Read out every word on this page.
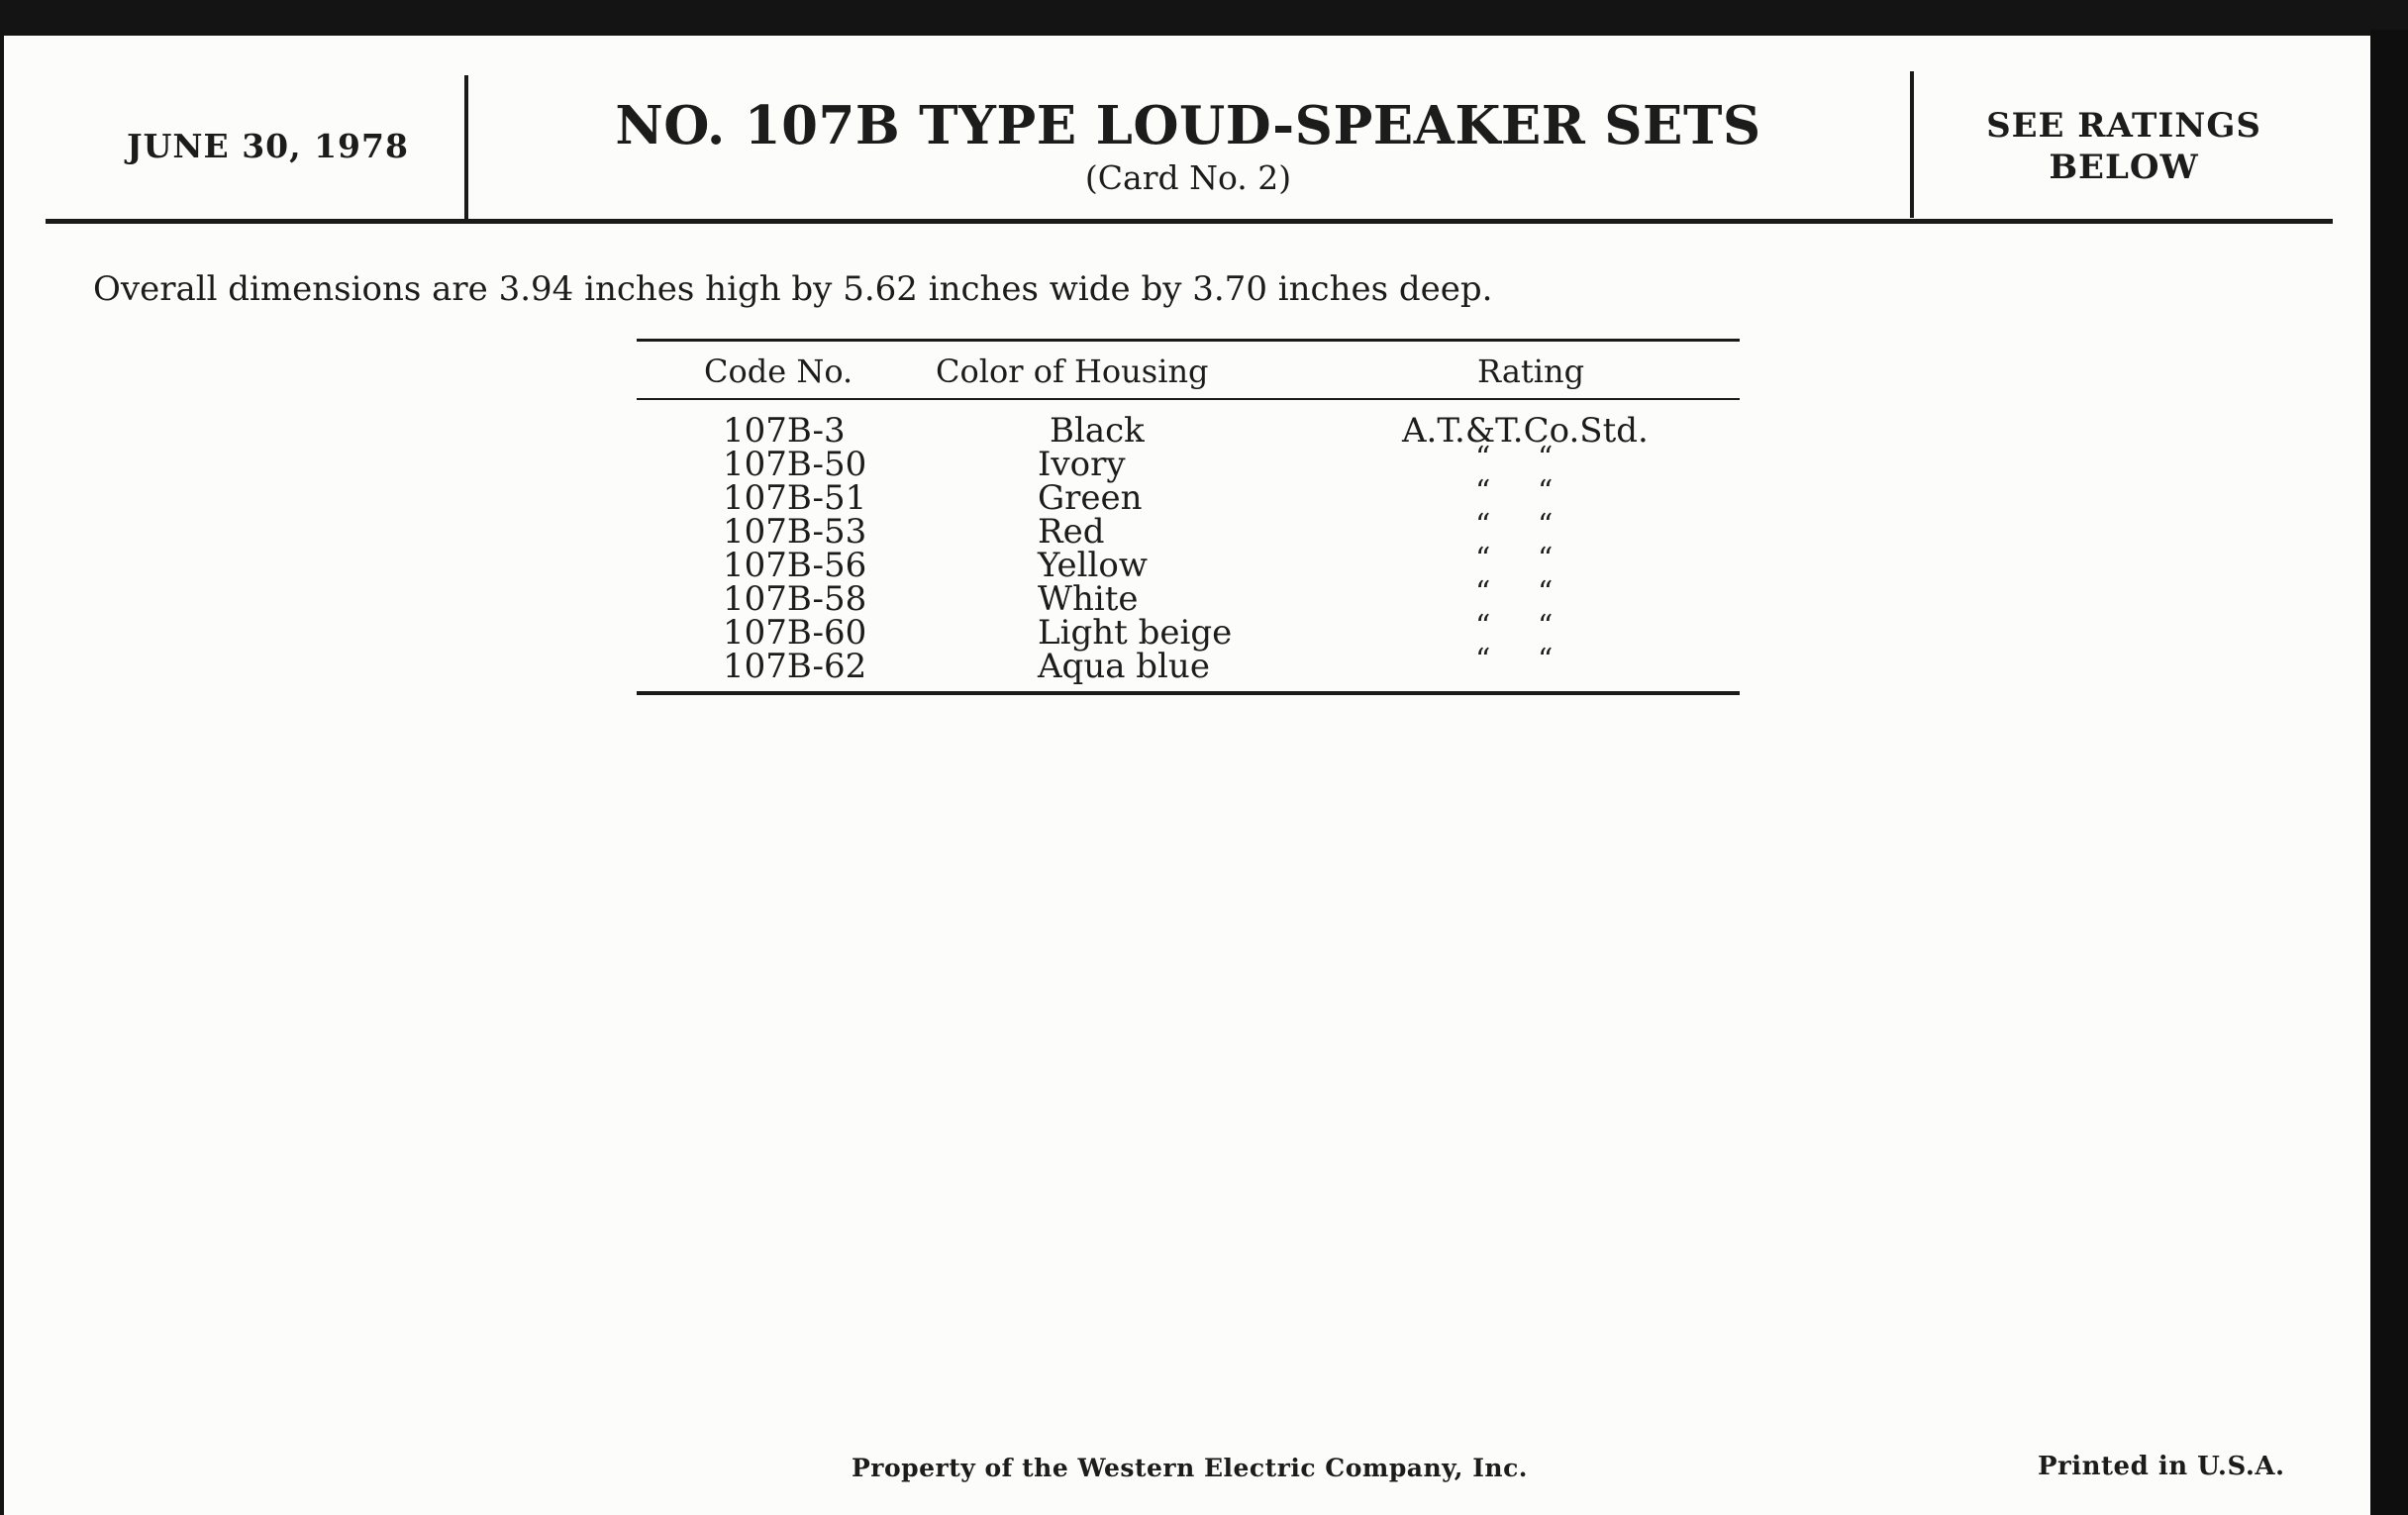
JUNE 30, 1978	NO. 107B TYPE LOUD-SPEAKER SETS
(Card No. 2)
SEE RATINGS
BELOW
Overall dimensions are 3.94 inches high by 5.62 inches wide by 3.70 inches deep.
Code No.	Color of Housing	Rating
107B-3	Black	A.T.&T.Co.Std.
107B-50	Ivory	“     “
107B-51	Green	“     “
107B-53	Red	“     “
107B-56	Yellow	“     “
107B-58	White	“     “
107B-60	Light beige	“     “
107B-62	Aqua blue	“     “
Property of the Western Electric Company, Inc.	Printed in U.S.A.
